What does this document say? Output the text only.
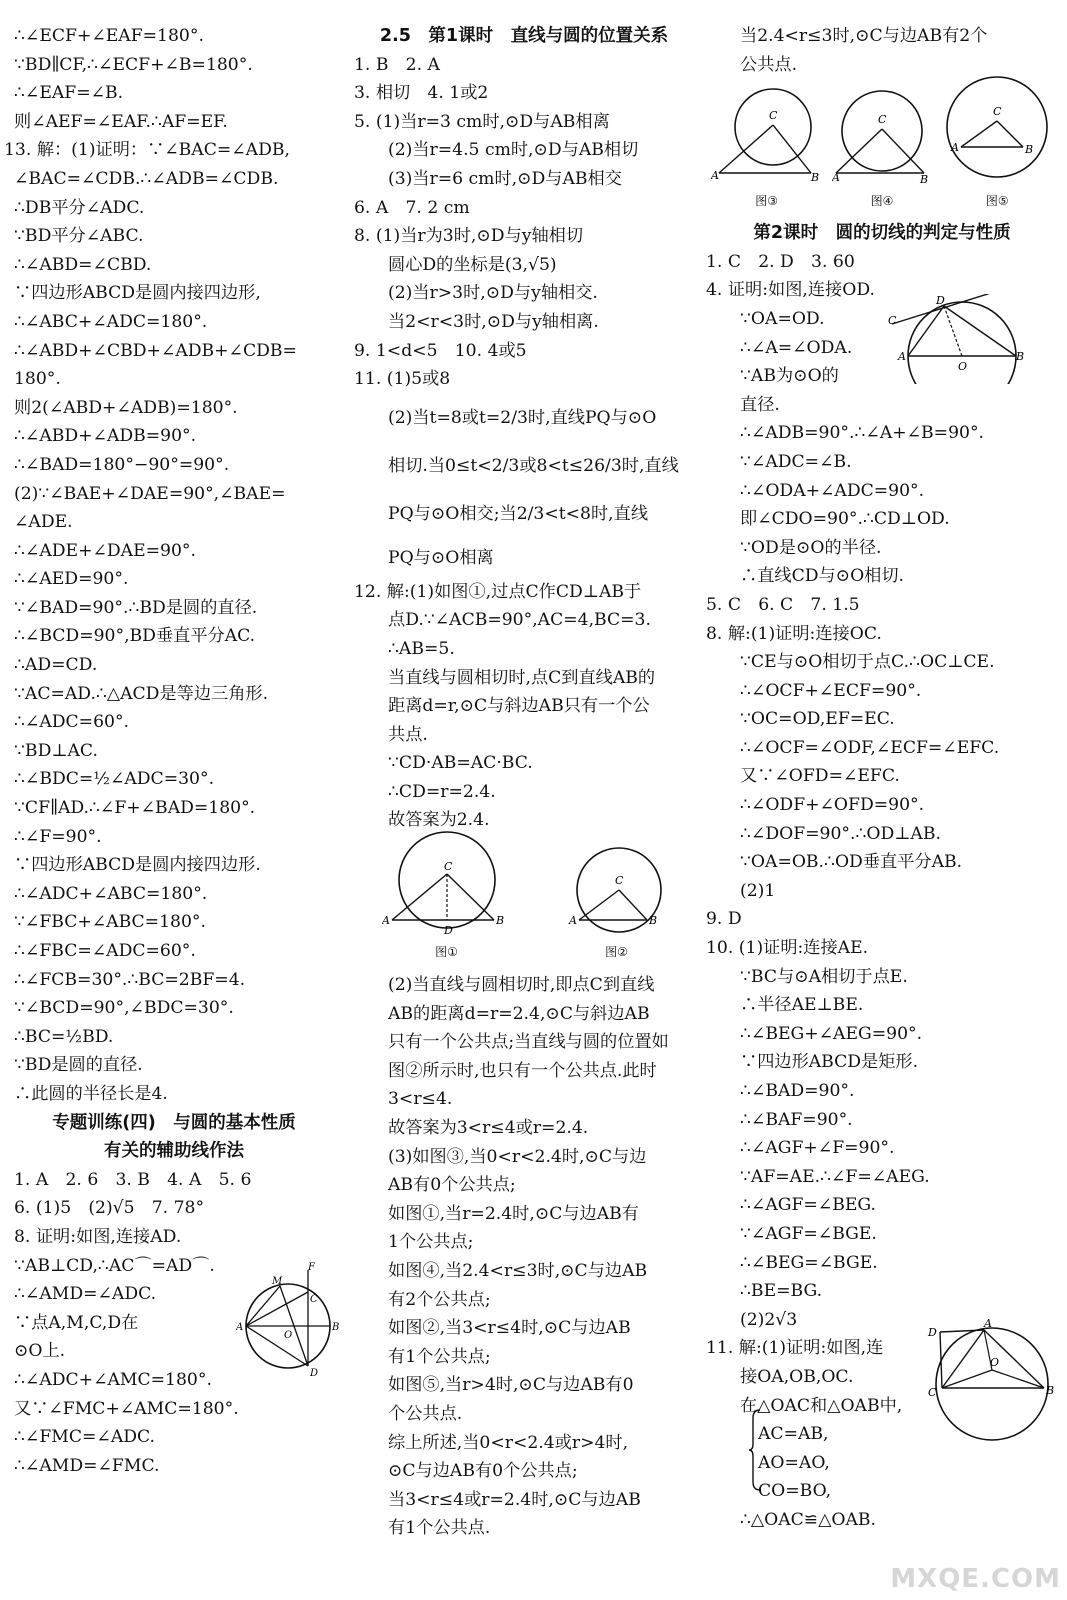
∴∠ECF+∠EAF=180°.
∵BD∥CF,∴∠ECF+∠B=180°.
∴∠EAF=∠B.
则∠AEF=∠EAF.∴AF=EF.
13. 解：(1)证明：∵∠BAC=∠ADB,
∠BAC=∠CDB.∴∠ADB=∠CDB.
∴DB平分∠ADC.
∵BD平分∠ABC.
∴∠ABD=∠CBD.
∵四边形ABCD是圆内接四边形,
∴∠ABC+∠ADC=180°.
∴∠ABD+∠CBD+∠ADB+∠CDB=
180°.
则2(∠ABD+∠ADB)=180°.
∴∠ABD+∠ADB=90°.
∴∠BAD=180°−90°=90°.
(2)∵∠BAE+∠DAE=90°,∠BAE=
∠ADE.
∴∠ADE+∠DAE=90°.
∴∠AED=90°.
∵∠BAD=90°.∴BD是圆的直径.
∴∠BCD=90°,BD垂直平分AC.
∴AD=CD.
∵AC=AD.∴△ACD是等边三角形.
∴∠ADC=60°.
∵BD⊥AC.
∴∠BDC=½∠ADC=30°.
∵CF∥AD.∴∠F+∠BAD=180°.
∴∠F=90°.
∵四边形ABCD是圆内接四边形.
∴∠ADC+∠ABC=180°.
∵∠FBC+∠ABC=180°.
∴∠FBC=∠ADC=60°.
∴∠FCB=30°.∴BC=2BF=4.
∵∠BCD=90°,∠BDC=30°.
∴BC=½BD.
∵BD是圆的直径.
∴此圆的半径长是4.
专题训练(四)　与圆的基本性质
有关的辅助线作法
1. A　2. 6　3. B　4. A　5. 6
6. (1)5　(2)√5　7. 78°
8. 证明:如图,连接AD.
∵AB⊥CD,∴AC⌒=AD⌒.
∴∠AMD=∠ADC.
∵点A,M,C,D在
⊙O上.
∴∠ADC+∠AMC=180°.
又∵∠FMC+∠AMC=180°.
∴∠FMC=∠ADC.
∴∠AMD=∠FMC.
F
M
A	B
C
D
O
2.5　第1课时　直线与圆的位置关系
1. B　2. A
3. 相切　4. 1或2
5. (1)当r=3 cm时,⊙D与AB相离
(2)当r=4.5 cm时,⊙D与AB相切
(3)当r=6 cm时,⊙D与AB相交
6. A　7. 2 cm
8. (1)当r为3时,⊙D与y轴相切
圆心D的坐标是(3,√5)
(2)当r>3时,⊙D与y轴相交.
当2<r<3时,⊙D与y轴相离.
9. 1<d<5　10. 4或5
11. (1)5或8
(2)当t=8或t=2/3时,直线PQ与⊙O
相切.当0≤t<2/3或8<t≤26/3时,直线
PQ与⊙O相交;当2/3<t<8时,直线
PQ与⊙O相离
12. 解:(1)如图①,过点C作CD⊥AB于
点D.∵∠ACB=90°,AC=4,BC=3.
∴AB=5.
当直线与圆相切时,点C到直线AB的
距离d=r,⊙C与斜边AB只有一个公
共点.
∵CD·AB=AC·BC.
∴CD=r=2.4.
故答案为2.4.
C
A	B
D
图①
C
A	B
图②
(2)当直线与圆相切时,即点C到直线
AB的距离d=r=2.4,⊙C与斜边AB
只有一个公共点;当直线与圆的位置如
图②所示时,也只有一个公共点.此时
3<r≤4.
故答案为3<r≤4或r=2.4.
(3)如图③,当0<r<2.4时,⊙C与边
AB有0个公共点;
如图①,当r=2.4时,⊙C与边AB有
1个公共点;
如图④,当2.4<r≤3时,⊙C与边AB
有2个公共点;
如图②,当3<r≤4时,⊙C与边AB
有1个公共点;
如图⑤,当r>4时,⊙C与边AB有0
个公共点.
综上所述,当0<r<2.4或r>4时,
⊙C与边AB有0个公共点;
当3<r≤4或r=2.4时,⊙C与边AB
有1个公共点.
当2.4<r≤3时,⊙C与边AB有2个
公共点.
C
A	B
图③
C
A	B
图④
C
A	B
图⑤
第2课时　圆的切线的判定与性质
1. C　2. D　3. 60
4. 证明:如图,连接OD.
∵OA=OD.
∴∠A=∠ODA.
∵AB为⊙O的
直径.
∴∠ADB=90°.∴∠A+∠B=90°.
∵∠ADC=∠B.
∴∠ODA+∠ADC=90°.
即∠CDO=90°.∴CD⊥OD.
∵OD是⊙O的半径.
∴直线CD与⊙O相切.
5. C　6. C　7. 1.5
8. 解:(1)证明:连接OC.
∵CE与⊙O相切于点C.∴OC⊥CE.
∴∠OCF+∠ECF=90°.
∵OC=OD,EF=EC.
∴∠OCF=∠ODF,∠ECF=∠EFC.
又∵∠OFD=∠EFC.
∴∠ODF+∠OFD=90°.
∴∠DOF=90°.∴OD⊥AB.
∵OA=OB.∴OD垂直平分AB.
(2)1
9. D
10. (1)证明:连接AE.
∵BC与⊙A相切于点E.
∴半径AE⊥BE.
∴∠BEG+∠AEG=90°.
∵四边形ABCD是矩形.
∴∠BAD=90°.
∴∠BAF=90°.
∴∠AGF+∠F=90°.
∵AF=AE.∴∠F=∠AEG.
∴∠AGF=∠BEG.
∵∠AGF=∠BGE.
∴∠BEG=∠BGE.
∴BE=BG.
(2)2√3
11. 解:(1)证明:如图,连
接OA,OB,OC.
在△OAC和△OAB中,
AC=AB,
AO=AO,
CO=BO,
∴△OAC≌△OAB.
C
D
A	B
O
D
A
C	B
O
MXQE.COM
